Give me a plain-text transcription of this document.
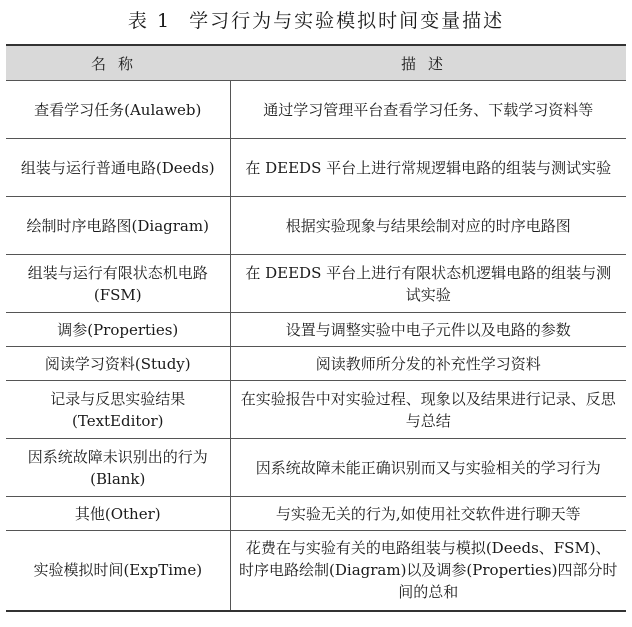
表 1 学习行为与实验模拟时间变量描述
名称	描述
查看学习任务(Aulaweb)	通过学习管理平台查看学习任务、下载学习资料等
组装与运行普通电路(Deeds)	在 DEEDS 平台上进行常规逻辑电路的组装与测试实验
绘制时序电路图(Diagram)	根据实验现象与结果绘制对应的时序电路图
组装与运行有限状态机电路(FSM)	在 DEEDS 平台上进行有限状态机逻辑电路的组装与测试实验
调参(Properties)	设置与调整实验中电子元件以及电路的参数
阅读学习资料(Study)	阅读教师所分发的补充性学习资料
记录与反思实验结果(TextEditor)	在实验报告中对实验过程、现象以及结果进行记录、反思与总结
因系统故障未识别出的行为(Blank)	因系统故障未能正确识别而又与实验相关的学习行为
其他(Other)	与实验无关的行为,如使用社交软件进行聊天等
实验模拟时间(ExpTime)	花费在与实验有关的电路组装与模拟(Deeds、FSM)、时序电路绘制(Diagram)以及调参(Properties)四部分时间的总和
